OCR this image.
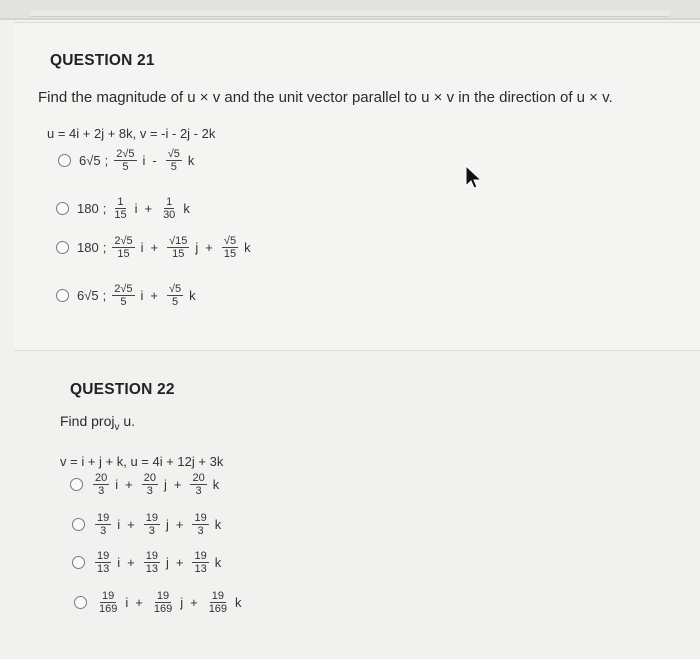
QUESTION 21
Find the magnitude of u × v and the unit vector parallel to u × v in the direction of u × v.
u = 4i + 2j + 8k, v = -i - 2j - 2k
6√5 ; $\frac{2√5}{5}$ i - $\frac{√5}{5}$ k
180 ; $\frac{1}{15}$ $i + \frac{1}{30}$ k
180 ; $\frac{2√5}{15}$ $i + \frac{√15}{15}$ $j + \frac{√5}{15}$ k
6√5 ; $\frac{2√5}{5}$ $i + \frac{√5}{5}$ k
QUESTION 22
Find proj$_v$ u.
v = i + j + k, u = 4i + 12j + 3k
$\frac{20}{3}$ $i + \frac{20}{3}$ $j + \frac{20}{3}$ k
$\frac{19}{3}$ $i + \frac{19}{3}$ $j + \frac{19}{3}$ k
$\frac{19}{13}$ $i + \frac{19}{13}$ $j + \frac{19}{13}$ k
$\frac{19}{169}$ $i + \frac{19}{169}$ $j + \frac{19}{169}$ k
